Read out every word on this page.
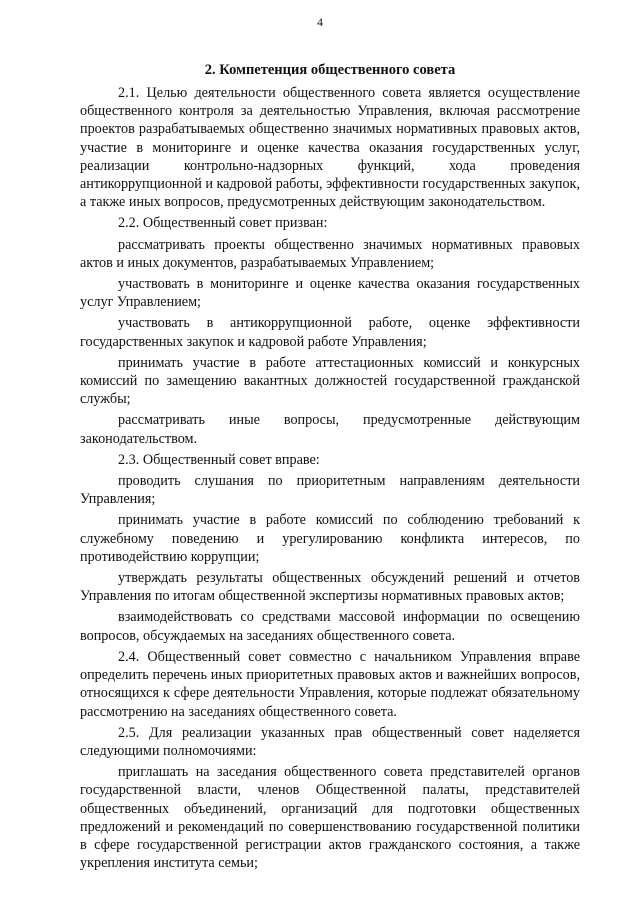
4
2. Компетенция общественного совета

2.1. Целью деятельности общественного совета является осуществление общественного контроля за деятельностью Управления, включая рассмотрение проектов разрабатываемых общественно значимых нормативных правовых актов, участие в мониторинге и оценке качества оказания государственных услуг, реализации контрольно-надзорных функций, хода проведения антикоррупционной и кадровой работы, эффективности государственных закупок, а также иных вопросов, предусмотренных действующим законодательством.

2.2. Общественный совет призван:

рассматривать проекты общественно значимых нормативных правовых актов и иных документов, разрабатываемых Управлением;

участвовать в мониторинге и оценке качества оказания государственных услуг Управлением;

участвовать в антикоррупционной работе, оценке эффективности государственных закупок и кадровой работе Управления;

принимать участие в работе аттестационных комиссий и конкурсных комиссий по замещению вакантных должностей государственной гражданской службы;

рассматривать иные вопросы, предусмотренные действующим законодательством.

2.3. Общественный совет вправе:

проводить слушания по приоритетным направлениям деятельности Управления;

принимать участие в работе комиссий по соблюдению требований к служебному поведению и урегулированию конфликта интересов, по противодействию коррупции;

утверждать результаты общественных обсуждений решений и отчетов Управления по итогам общественной экспертизы нормативных правовых актов;

взаимодействовать со средствами массовой информации по освещению вопросов, обсуждаемых на заседаниях общественного совета.

2.4. Общественный совет совместно с начальником Управления вправе определить перечень иных приоритетных правовых актов и важнейших вопросов, относящихся к сфере деятельности Управления, которые подлежат обязательному рассмотрению на заседаниях общественного совета.

2.5. Для реализации указанных прав общественный совет наделяется следующими полномочиями:

приглашать на заседания общественного совета представителей органов государственной власти, членов Общественной палаты, представителей общественных объединений, организаций для подготовки общественных предложений и рекомендаций по совершенствованию государственной политики в сфере государственной регистрации актов гражданского состояния, а также укрепления института семьи;
